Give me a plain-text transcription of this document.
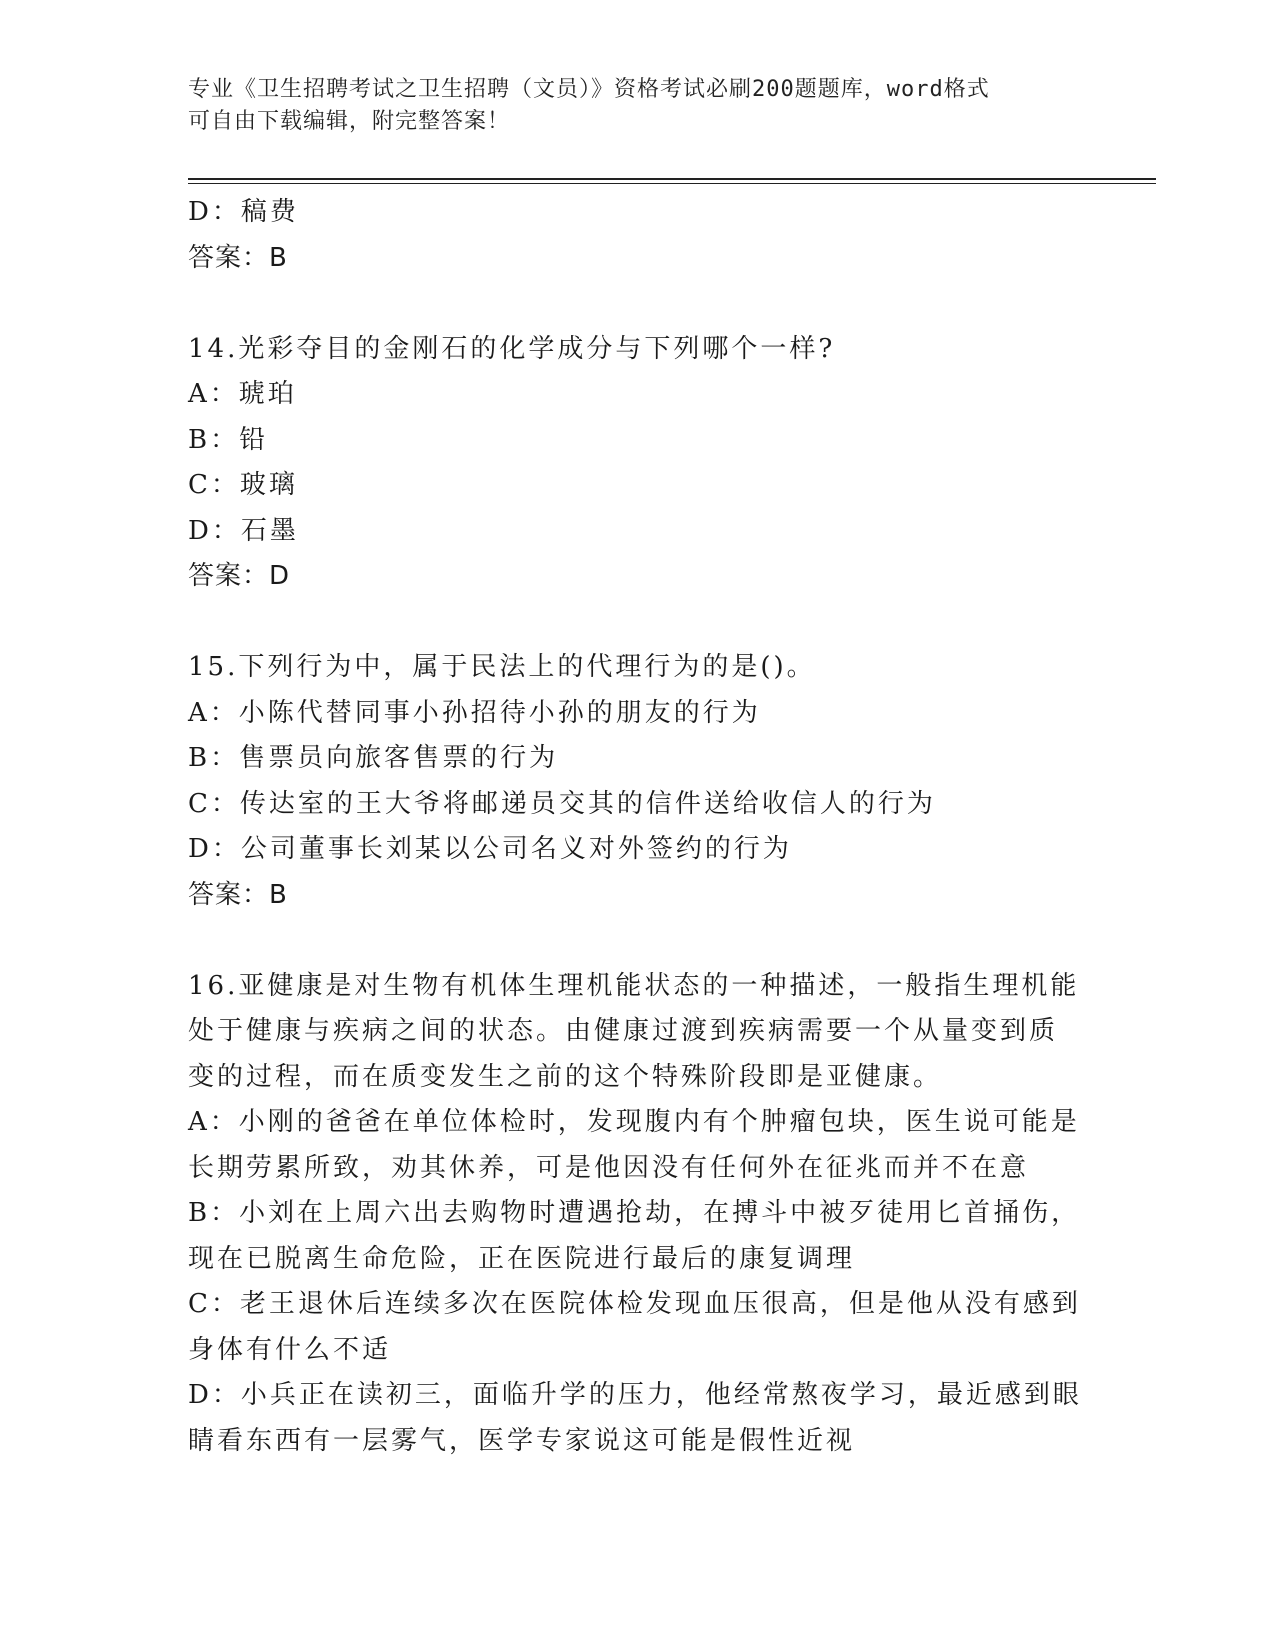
专业《卫生招聘考试之卫生招聘（文员）》资格考试必刷200题题库，word格式
可自由下载编辑，附完整答案！
D：稿费
答案：B
14.光彩夺目的金刚石的化学成分与下列哪个一样?
A：琥珀
B：铅
C：玻璃
D：石墨
答案：D
15.下列行为中，属于民法上的代理行为的是()。
A：小陈代替同事小孙招待小孙的朋友的行为
B：售票员向旅客售票的行为
C：传达室的王大爷将邮递员交其的信件送给收信人的行为
D：公司董事长刘某以公司名义对外签约的行为
答案：B
16.亚健康是对生物有机体生理机能状态的一种描述，一般指生理机能
处于健康与疾病之间的状态。由健康过渡到疾病需要一个从量变到质
变的过程，而在质变发生之前的这个特殊阶段即是亚健康。
A：小刚的爸爸在单位体检时，发现腹内有个肿瘤包块，医生说可能是
长期劳累所致，劝其休养，可是他因没有任何外在征兆而并不在意
B：小刘在上周六出去购物时遭遇抢劫，在搏斗中被歹徒用匕首捅伤，
现在已脱离生命危险，正在医院进行最后的康复调理
C：老王退休后连续多次在医院体检发现血压很高，但是他从没有感到
身体有什么不适
D：小兵正在读初三，面临升学的压力，他经常熬夜学习，最近感到眼
睛看东西有一层雾气，医学专家说这可能是假性近视
